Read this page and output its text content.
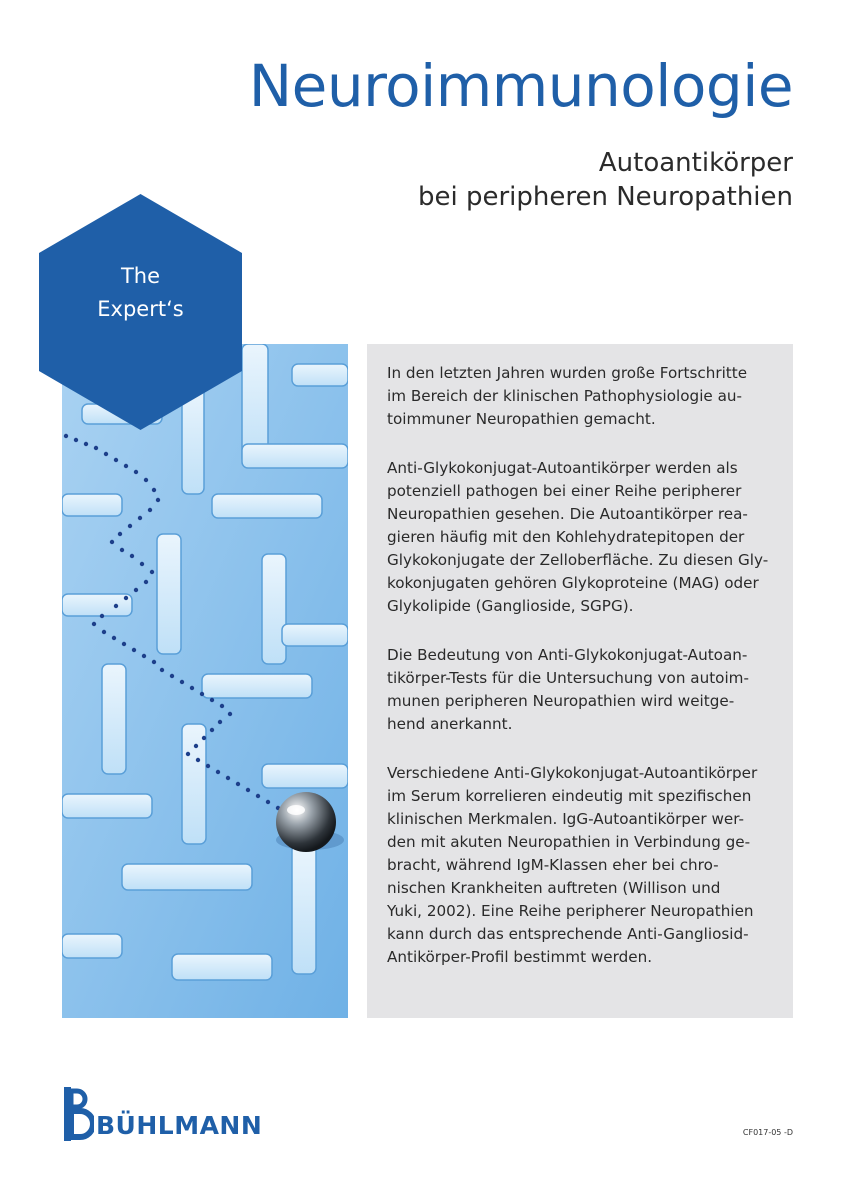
Neuroimmunologie
Autoantikörper
bei peripheren Neuropathien
The
Expert‘s

In den letzten Jahren wurden große Fortschritte
im Bereich der klinischen Pathophysiologie au-
toimmuner Neuropathien gemacht.

Anti-Glykokonjugat-Autoantikörper werden als
potenziell pathogen bei einer Reihe peripherer
Neuropathien gesehen. Die Autoantikörper rea-
gieren häufig mit den Kohlehydratepitopen der
Glykokonjugate der Zelloberfläche. Zu diesen Gly-
kokonjugaten gehören Glykoproteine (MAG) oder
Glykolipide (Ganglioside, SGPG).

Die Bedeutung von Anti-Glykokonjugat-Autoan-
tikörper-Tests für die Untersuchung von autoim-
munen peripheren Neuropathien wird weitge-
hend anerkannt.

Verschiedene Anti-Glykokonjugat-Autoantikörper
im Serum korrelieren eindeutig mit spezifischen
klinischen Merkmalen. IgG-Autoantikörper wer-
den mit akuten Neuropathien in Verbindung ge-
bracht, während IgM-Klassen eher bei chro-
nischen Krankheiten auftreten (Willison und
Yuki, 2002). Eine Reihe peripherer Neuropathien
kann durch das entsprechende Anti-Gangliosid-
Antikörper-Profil bestimmt werden.

BÜHLMANN	CF017-05 -D
